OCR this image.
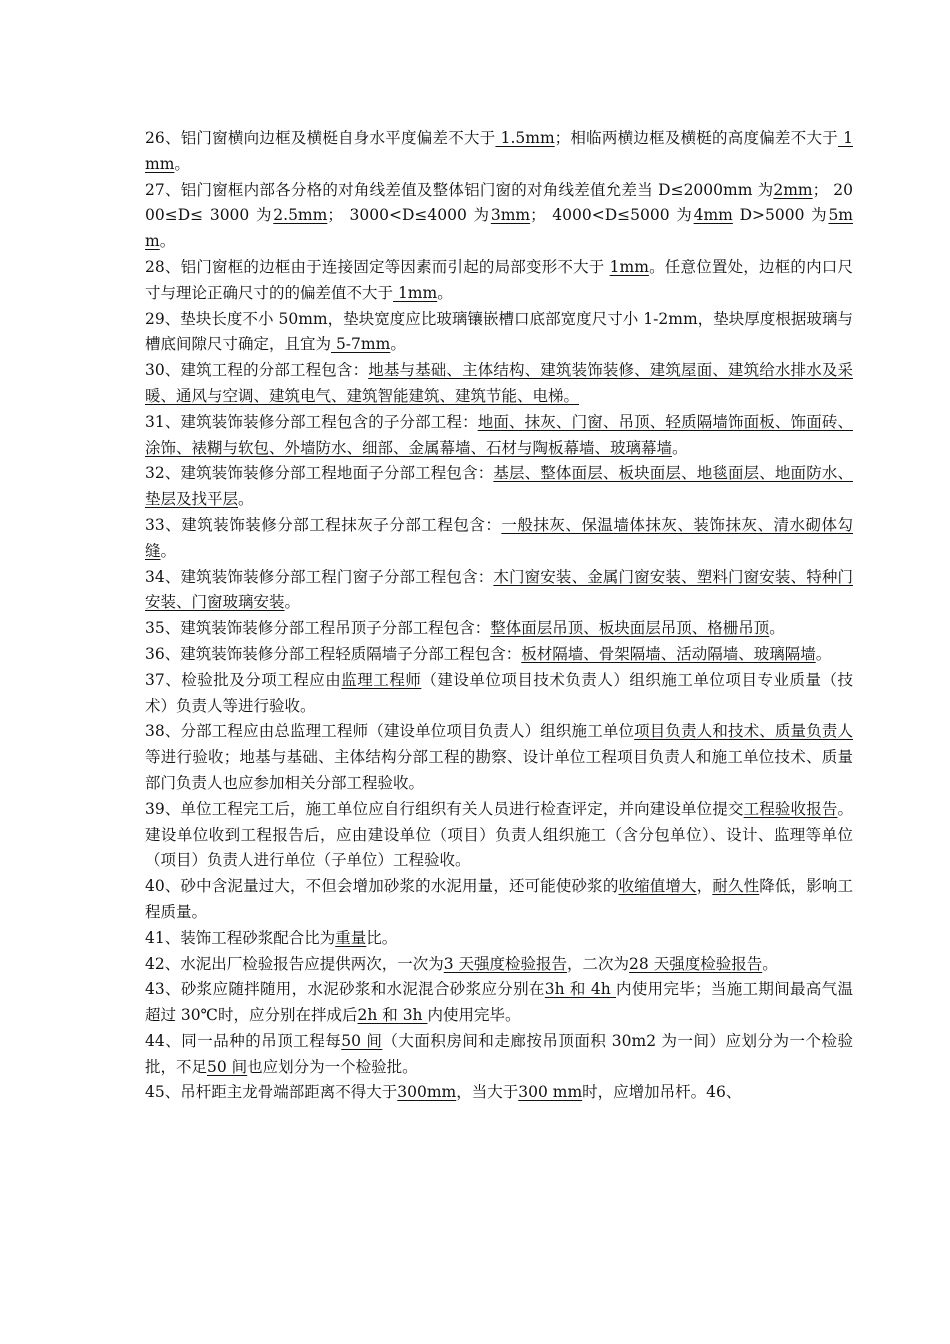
26、铝门窗横向边框及横梃自身水平度偏差不大于 1.5mm；相临两横边框及横梃的高度偏差不大于 1mm。

27、铝门窗框内部各分格的对角线差值及整体铝门窗的对角线差值允差当 D≤2000mm 为2mm； 2000≤D≤ 3000 为2.5mm； 3000<D≤4000 为3mm； 4000<D≤5000 为4mm D>5000 为5mm。

28、铝门窗框的边框由于连接固定等因素而引起的局部变形不大于 1mm。任意位置处，边框的内口尺寸与理论正确尺寸的的偏差值不大于 1mm。

29、垫块长度不小 50mm，垫块宽度应比玻璃镶嵌槽口底部宽度尺寸小 1-2mm，垫块厚度根据玻璃与槽底间隙尺寸确定，且宜为 5-7mm。

30、建筑工程的分部工程包含：地基与基础、主体结构、建筑装饰装修、建筑屋面、建筑给水排水及采暖、通风与空调、建筑电气、建筑智能建筑、建筑节能、电梯。

31、建筑装饰装修分部工程包含的子分部工程：地面、抹灰、门窗、吊顶、轻质隔墙饰面板、饰面砖、涂饰、裱糊与软包、外墙防水、细部、金属幕墙、石材与陶板幕墙、玻璃幕墙。

32、建筑装饰装修分部工程地面子分部工程包含：基层、整体面层、板块面层、地毯面层、地面防水、垫层及找平层。

33、建筑装饰装修分部工程抹灰子分部工程包含：一般抹灰、保温墙体抹灰、装饰抹灰、清水砌体勾缝。

34、建筑装饰装修分部工程门窗子分部工程包含：木门窗安装、金属门窗安装、塑料门窗安装、特种门安装、门窗玻璃安装。

35、建筑装饰装修分部工程吊顶子分部工程包含：整体面层吊顶、板块面层吊顶、格栅吊顶。

36、建筑装饰装修分部工程轻质隔墙子分部工程包含：板材隔墙、骨架隔墙、活动隔墙、玻璃隔墙。

37、检验批及分项工程应由监理工程师（建设单位项目技术负责人）组织施工单位项目专业质量（技术）负责人等进行验收。

38、分部工程应由总监理工程师（建设单位项目负责人）组织施工单位项目负责人和技术、质量负责人等进行验收；地基与基础、主体结构分部工程的勘察、设计单位工程项目负责人和施工单位技术、质量部门负责人也应参加相关分部工程验收。

39、单位工程完工后，施工单位应自行组织有关人员进行检查评定，并向建设单位提交工程验收报告。建设单位收到工程报告后，应由建设单位（项目）负责人组织施工（含分包单位）、设计、监理等单位（项目）负责人进行单位（子单位）工程验收。

40、砂中含泥量过大，不但会增加砂浆的水泥用量，还可能使砂浆的收缩值增大，耐久性降低，影响工程质量。

41、装饰工程砂浆配合比为重量比。

42、水泥出厂检验报告应提供两次，一次为3 天强度检验报告，二次为28 天强度检验报告。

43、砂浆应随拌随用，水泥砂浆和水泥混合砂浆应分别在3h 和 4h 内使用完毕；当施工期间最高气温超过 30℃时，应分别在拌成后2h 和 3h 内使用完毕。

44、同一品种的吊顶工程每50 间（大面积房间和走廊按吊顶面积 30m2 为一间）应划分为一个检验批，不足50 间也应划分为一个检验批。

45、吊杆距主龙骨端部距离不得大于300mm，当大于300 mm时，应增加吊杆。46、
